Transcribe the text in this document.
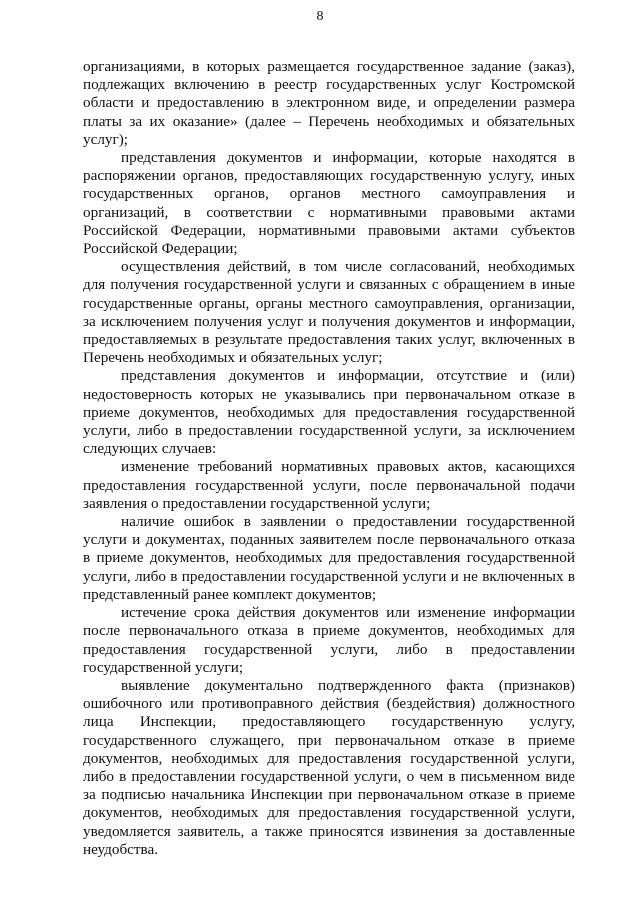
8

организациями, в которых размещается государственное задание (заказ), подлежащих включению в реестр государственных услуг Костромской области и предоставлению в электронном виде, и определении размера платы за их оказание» (далее – Перечень необходимых и обязательных услуг);

представления документов и информации, которые находятся в распоряжении органов, предоставляющих государственную услугу, иных государственных органов, органов местного самоуправления и организаций, в соответствии с нормативными правовыми актами Российской Федерации, нормативными правовыми актами субъектов Российской Федерации;

осуществления действий, в том числе согласований, необходимых для получения государственной услуги и связанных с обращением в иные государственные органы, органы местного самоуправления, организации, за исключением получения услуг и получения документов и информации, предоставляемых в результате предоставления таких услуг, включенных в Перечень необходимых и обязательных услуг;

представления документов и информации, отсутствие и (или) недостоверность которых не указывались при первоначальном отказе в приеме документов, необходимых для предоставления государственной услуги, либо в предоставлении государственной услуги, за исключением следующих случаев:

изменение требований нормативных правовых актов, касающихся предоставления государственной услуги, после первоначальной подачи заявления о предоставлении государственной услуги;

наличие ошибок в заявлении о предоставлении государственной услуги и документах, поданных заявителем после первоначального отказа в приеме документов, необходимых для предоставления государственной услуги, либо в предоставлении государственной услуги и не включенных в представленный ранее комплект документов;

истечение срока действия документов или изменение информации после первоначального отказа в приеме документов, необходимых для предоставления государственной услуги, либо в предоставлении государственной услуги;

выявление документально подтвержденного факта (признаков) ошибочного или противоправного действия (бездействия) должностного лица Инспекции, предоставляющего государственную услугу, государственного служащего, при первоначальном отказе в приеме документов, необходимых для предоставления государственной услуги, либо в предоставлении государственной услуги, о чем в письменном виде за подписью начальника Инспекции при первоначальном отказе в приеме документов, необходимых для предоставления государственной услуги, уведомляется заявитель, а также приносятся извинения за доставленные неудобства.
